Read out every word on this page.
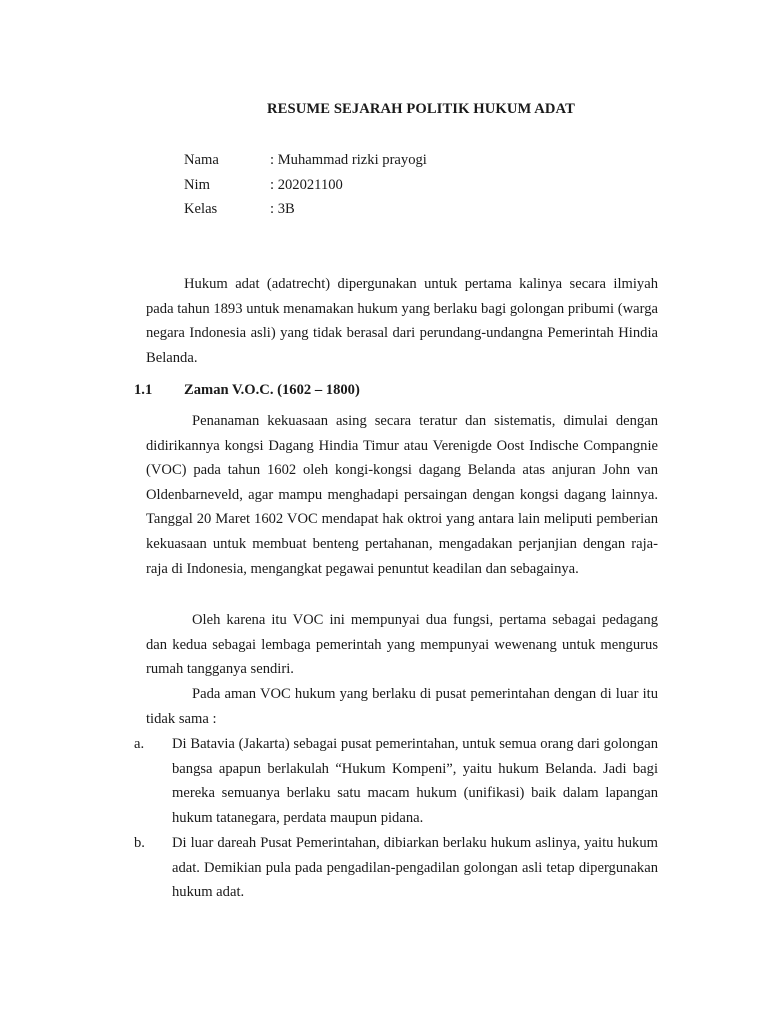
RESUME SEJARAH POLITIK HUKUM ADAT
Nama	: Muhammad rizki prayogi
Nim	: 202021100
Kelas	: 3B

Hukum adat (adatrecht) dipergunakan untuk pertama kalinya secara ilmiyah pada tahun 1893 untuk menamakan hukum yang berlaku bagi golongan pribumi (warga negara Indonesia asli) yang tidak berasal dari perundang-undangna Pemerintah Hindia Belanda.

1.1 Zaman V.O.C. (1602 – 1800)

Penanaman kekuasaan asing secara teratur dan sistematis, dimulai dengan didirikannya kongsi Dagang Hindia Timur atau Verenigde Oost Indische Compangnie (VOC) pada tahun 1602 oleh kongi-kongsi dagang Belanda atas anjuran John van Oldenbarneveld, agar mampu menghadapi persaingan dengan kongsi dagang lainnya. Tanggal 20 Maret 1602 VOC mendapat hak oktroi yang antara lain meliputi pemberian kekuasaan untuk membuat benteng pertahanan, mengadakan perjanjian dengan raja-raja di Indonesia, mengangkat pegawai penuntut keadilan dan sebagainya.

Oleh karena itu VOC ini mempunyai dua fungsi, pertama sebagai pedagang dan kedua sebagai lembaga pemerintah yang mempunyai wewenang untuk mengurus rumah tangganya sendiri.

Pada aman VOC hukum yang berlaku di pusat pemerintahan dengan di luar itu tidak sama :

a. Di Batavia (Jakarta) sebagai pusat pemerintahan, untuk semua orang dari golongan bangsa apapun berlakulah “Hukum Kompeni”, yaitu hukum Belanda. Jadi bagi mereka semuanya berlaku satu macam hukum (unifikasi) baik dalam lapangan hukum tatanegara, perdata maupun pidana.

b. Di luar dareah Pusat Pemerintahan, dibiarkan berlaku hukum aslinya, yaitu hukum adat. Demikian pula pada pengadilan-pengadilan golongan asli tetap dipergunakan hukum adat.
